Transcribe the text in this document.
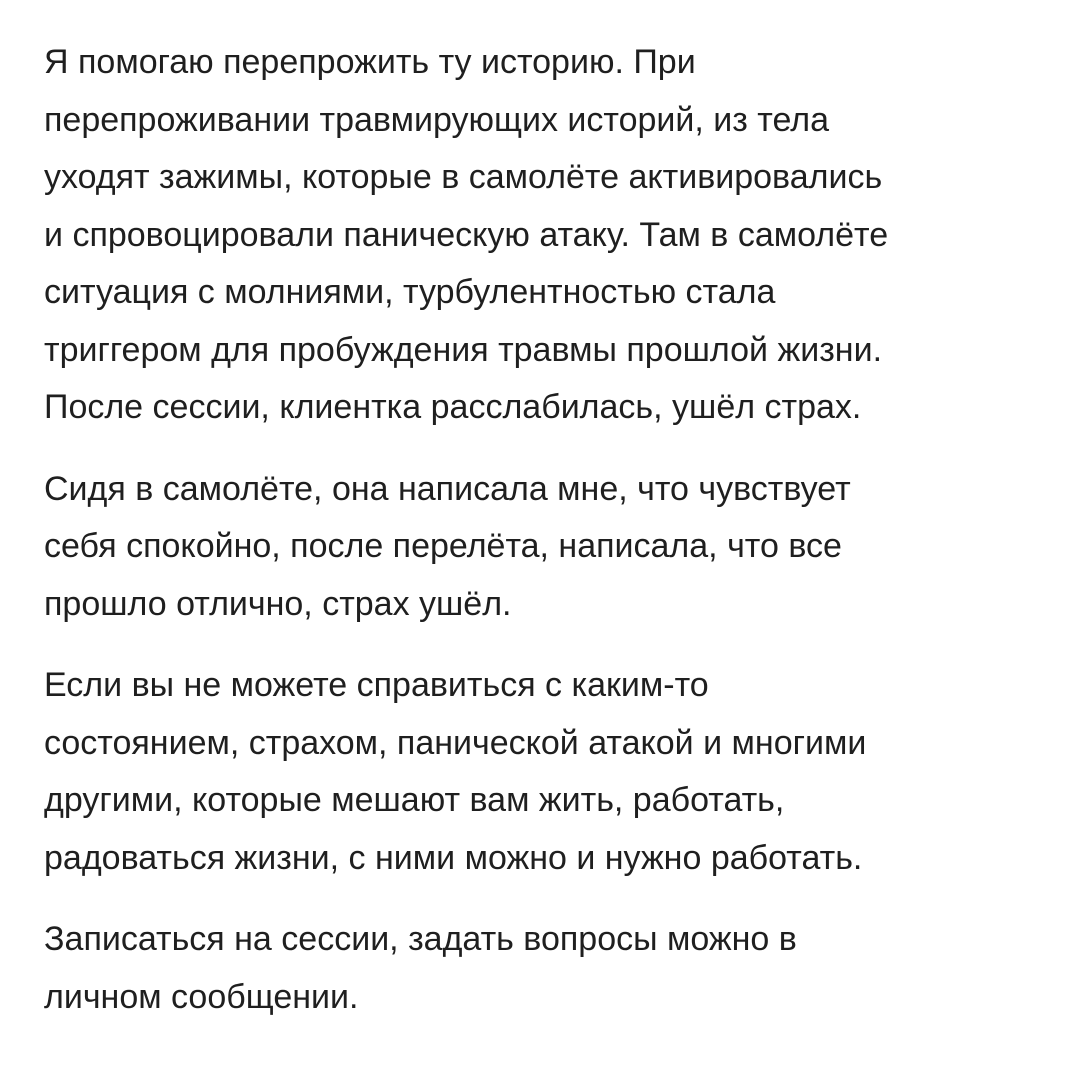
Я помогаю перепрожить ту историю. При
перепроживании травмирующих историй, из тела
уходят зажимы, которые в самолёте активировались
и спровоцировали паническую атаку. Там в самолёте
ситуация с молниями, турбулентностью стала
триггером для пробуждения травмы прошлой жизни.
После сессии, клиентка расслабилась, ушёл страх.

Сидя в самолёте, она написала мне, что чувствует
себя спокойно, после перелёта, написала, что все
прошло отлично, страх ушёл.

Если вы не можете справиться с каким-то
состоянием, страхом, панической атакой и многими
другими, которые мешают вам жить, работать,
радоваться жизни, с ними можно и нужно работать.

Записаться на сессии, задать вопросы можно в
личном сообщении.
